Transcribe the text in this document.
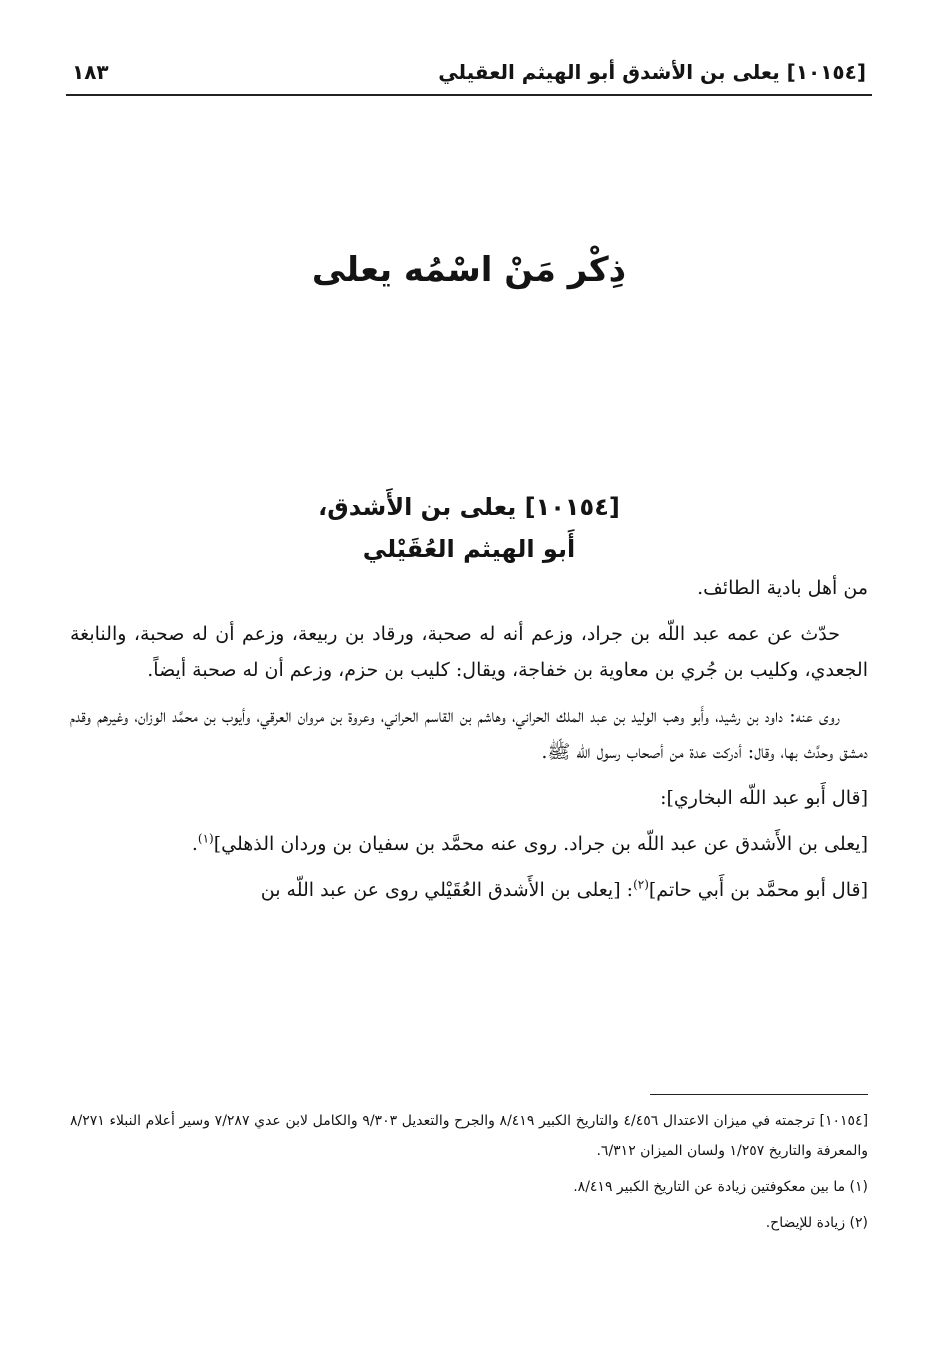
[١٠١٥٤] يعلى بن الأشدق أبو الهيثم العقيلي
١٨٣
ذِكْر مَنْ اسْمُه يعلى
[١٠١٥٤] يعلى بن الأَشدق،
أَبو الهيثم العُقَيْلي

من أهل بادية الطائف.

حدّث عن عمه عبد اللّه بن جراد، وزعم أنه له صحبة، ورقاد بن ربيعة، وزعم أن له صحبة، والنابغة الجعدي، وكليب بن جُري بن معاوية بن خفاجة، ويقال: كليب بن حزم، وزعم أن له صحبة أيضاً.

روى عنه: داود بن رشيد، وأَبو وهب الوليد بن عبد الملك الحراني، وهاشم بن القاسم الحراني، وعروة بن مروان العرقي، وأيوب بن محمَّد الوزان، وغيرهم وقدم دمشق وحدَّث بها، وقال: أدركت عدة من أصحاب رسول الله ﷺ.

[قال أَبو عبد اللّه البخاري]:

[يعلى بن الأَشدق عن عبد اللّه بن جراد. روى عنه محمَّد بن سفيان بن وردان الذهلي]$^{(١)}$.

[قال أبو محمَّد بن أَبي حاتم]$^{(٢)}$: [يعلى بن الأَشدق العُقَيْلي روى عن عبد اللّه بن

[١٠١٥٤] ترجمته في ميزان الاعتدال ٤/٤٥٦ والتاريخ الكبير ٨/٤١٩ والجرح والتعديل ٩/٣٠٣ والكامل لابن عدي ٧/٢٨٧ وسير أعلام النبلاء ٨/٢٧١ والمعرفة والتاريخ ١/٢٥٧ ولسان الميزان ٦/٣١٢.

(١) ما بين معكوفتين زيادة عن التاريخ الكبير ٨/٤١٩.

(٢) زيادة للإيضاح.
